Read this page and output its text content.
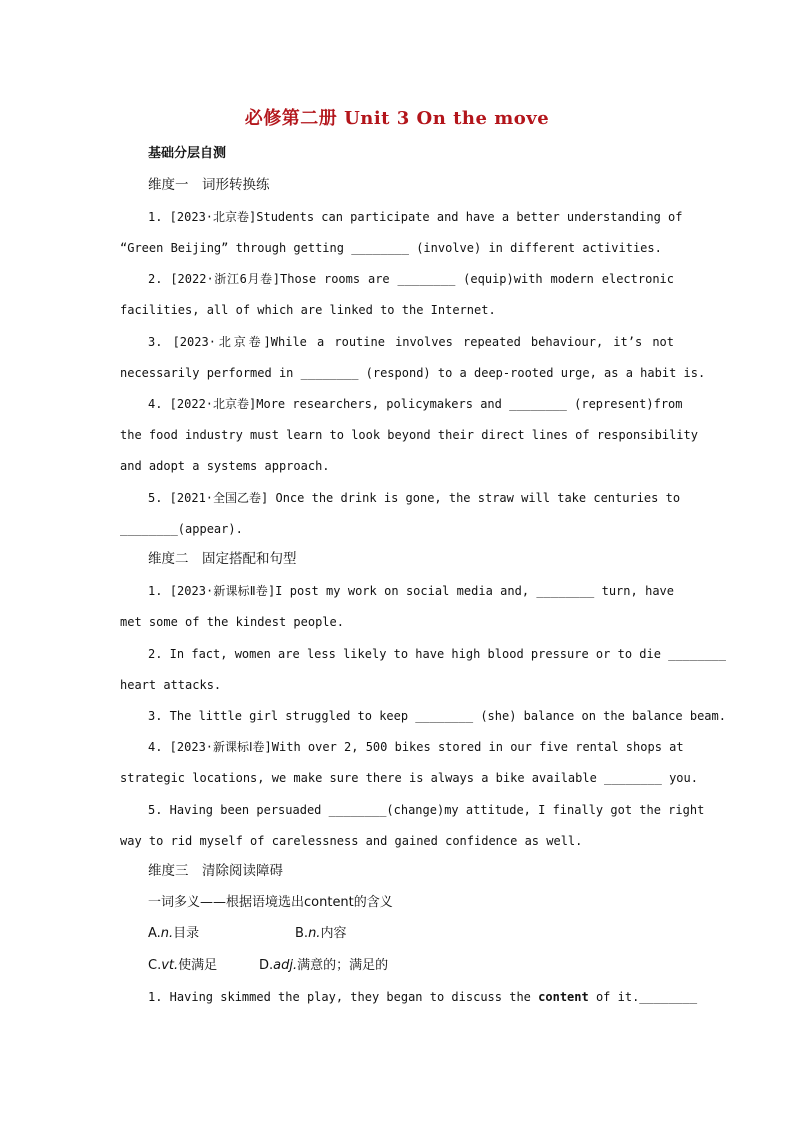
必修第二册 Unit 3 On the move
基础分层自测
维度一　词形转换练
1. [2023·北京卷]Students can participate and have a better understanding of
“Green Beijing” through getting ________ (involve) in different activities.
2. [2022·浙江6月卷]Those rooms are ________ (equip)with modern electronic
facilities, all of which are linked to the Internet.
3. [2023·北京卷]While a routine involves repeated behaviour, it’s not
necessarily performed in ________ (respond) to a deep-rooted urge, as a habit is.
4. [2022·北京卷]More researchers, policymakers and ________ (represent)from
the food industry must learn to look beyond their direct lines of responsibility
and adopt a systems approach.
5. [2021·全国乙卷] Once the drink is gone, the straw will take centuries to
________(appear).
维度二　固定搭配和句型
1. [2023·新课标Ⅱ卷]I post my work on social media and, ________ turn, have
met some of the kindest people.
2. In fact, women are less likely to have high blood pressure or to die ________
heart attacks.
3. The little girl struggled to keep ________ (she) balance on the balance beam.
4. [2023·新课标Ⅰ卷]With over 2, 500 bikes stored in our five rental shops at
strategic locations, we make sure there is always a bike available ________ you.
5. Having been persuaded ________(change)my attitude, I finally got the right
way to rid myself of carelessness and gained confidence as well.
维度三　清除阅读障碍
一词多义——根据语境选出content的含义
A.n.目录	B.n.内容
C.vt.使满足	D.adj.满意的；满足的
1. Having skimmed the play, they began to discuss the content of it.________
